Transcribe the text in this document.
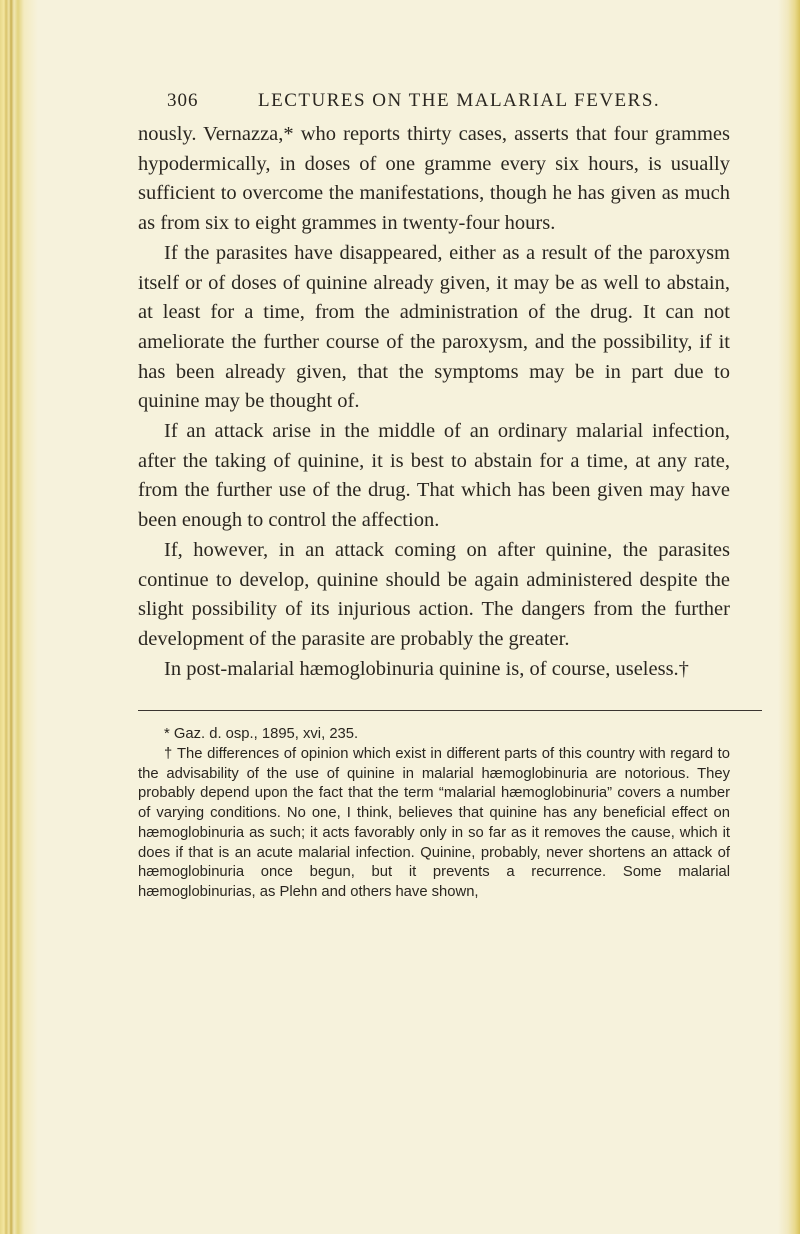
306	LECTURES ON THE MALARIAL FEVERS.

nously. Vernazza,* who reports thirty cases, asserts that four grammes hypodermically, in doses of one gramme every six hours, is usually sufficient to overcome the manifestations, though he has given as much as from six to eight grammes in twenty-four hours.

If the parasites have disappeared, either as a result of the paroxysm itself or of doses of quinine already given, it may be as well to abstain, at least for a time, from the administration of the drug. It can not ameliorate the further course of the paroxysm, and the possibility, if it has been already given, that the symptoms may be in part due to quinine may be thought of.

If an attack arise in the middle of an ordinary malarial infection, after the taking of quinine, it is best to abstain for a time, at any rate, from the further use of the drug. That which has been given may have been enough to control the affection.

If, however, in an attack coming on after quinine, the parasites continue to develop, quinine should be again administered despite the slight possibility of its injurious action. The dangers from the further development of the parasite are probably the greater.

In post-malarial hæmoglobinuria quinine is, of course, useless.†

* Gaz. d. osp., 1895, xvi, 235.

† The differences of opinion which exist in different parts of this country with regard to the advisability of the use of quinine in malarial hæmoglobinuria are notorious. They probably depend upon the fact that the term “malarial hæmoglobinuria” covers a number of varying conditions. No one, I think, believes that quinine has any beneficial effect on hæmoglobinuria as such; it acts favorably only in so far as it removes the cause, which it does if that is an acute malarial infection. Quinine, probably, never shortens an attack of hæmoglobinuria once begun, but it prevents a recurrence. Some malarial hæmoglobinurias, as Plehn and others have shown,
